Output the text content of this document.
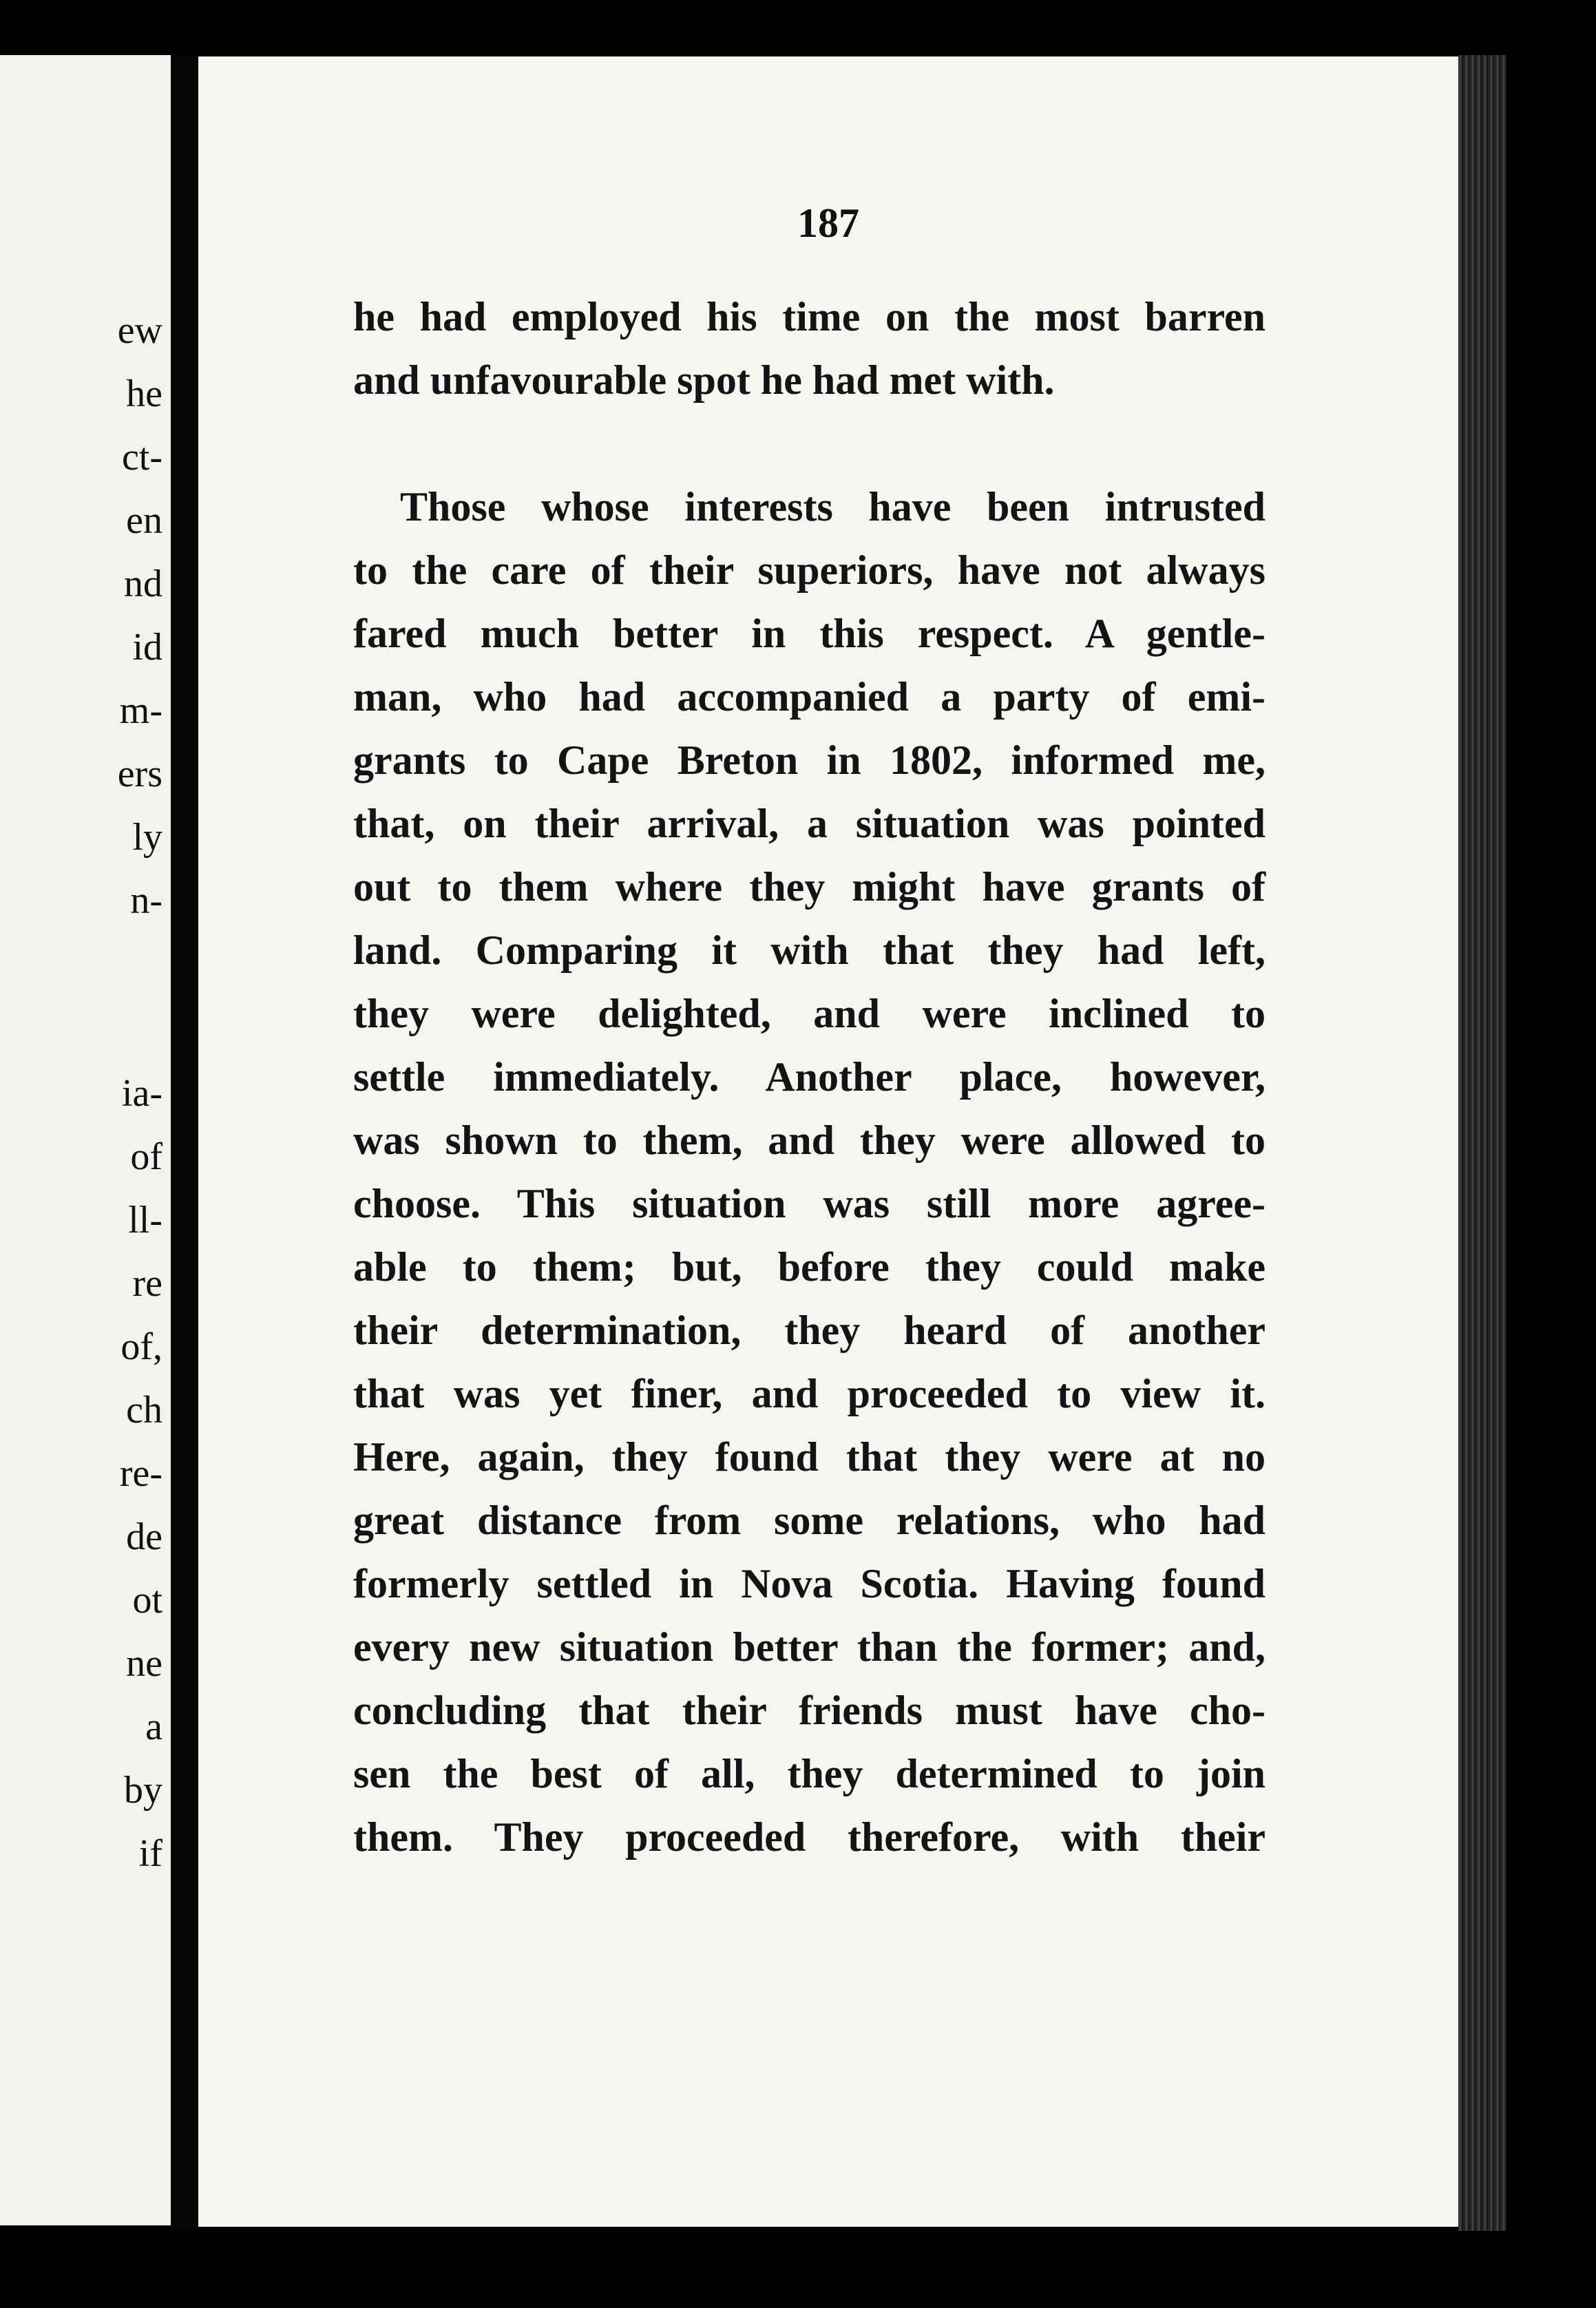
ew
he
ct-
en
nd
id
m-
ers
ly
n-
ia-
of
ll-
re
of,
ch
re-
de
ot
ne
a
by
if
187
he had employed his time on the most barren
and unfavourable spot he had met with.
Those whose interests have been intrusted
to the care of their superiors, have not always
fared much better in this respect. A gentle-
man, who had accompanied a party of emi-
grants to Cape Breton in 1802, informed me,
that, on their arrival, a situation was pointed
out to them where they might have grants of
land. Comparing it with that they had left,
they were delighted, and were inclined to
settle immediately. Another place, however,
was shown to them, and they were allowed to
choose. This situation was still more agree-
able to them; but, before they could make
their determination, they heard of another
that was yet finer, and proceeded to view it.
Here, again, they found that they were at no
great distance from some relations, who had
formerly settled in Nova Scotia. Having found
every new situation better than the former; and,
concluding that their friends must have cho-
sen the best of all, they determined to join
them. They proceeded therefore, with their
